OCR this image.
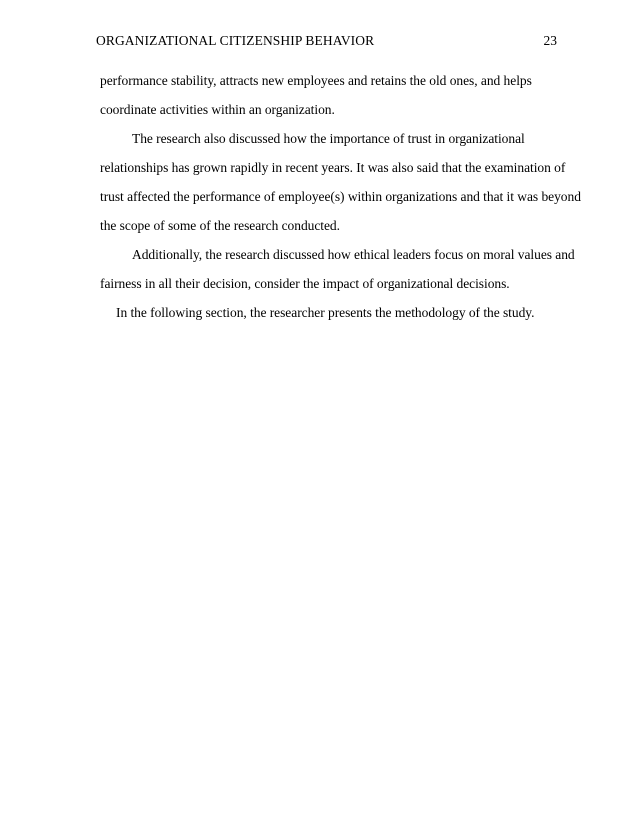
ORGANIZATIONAL CITIZENSHIP BEHAVIOR	23
performance stability, attracts new employees and retains the old ones, and helps
coordinate activities within an organization.
The research also discussed how the importance of trust in organizational
relationships has grown rapidly in recent years. It was also said that the examination of
trust affected the performance of employee(s) within organizations and that it was beyond
the scope of some of the research conducted.
Additionally, the research discussed how ethical leaders focus on moral values and
fairness in all their decision, consider the impact of organizational decisions.
In the following section, the researcher presents the methodology of the study.
